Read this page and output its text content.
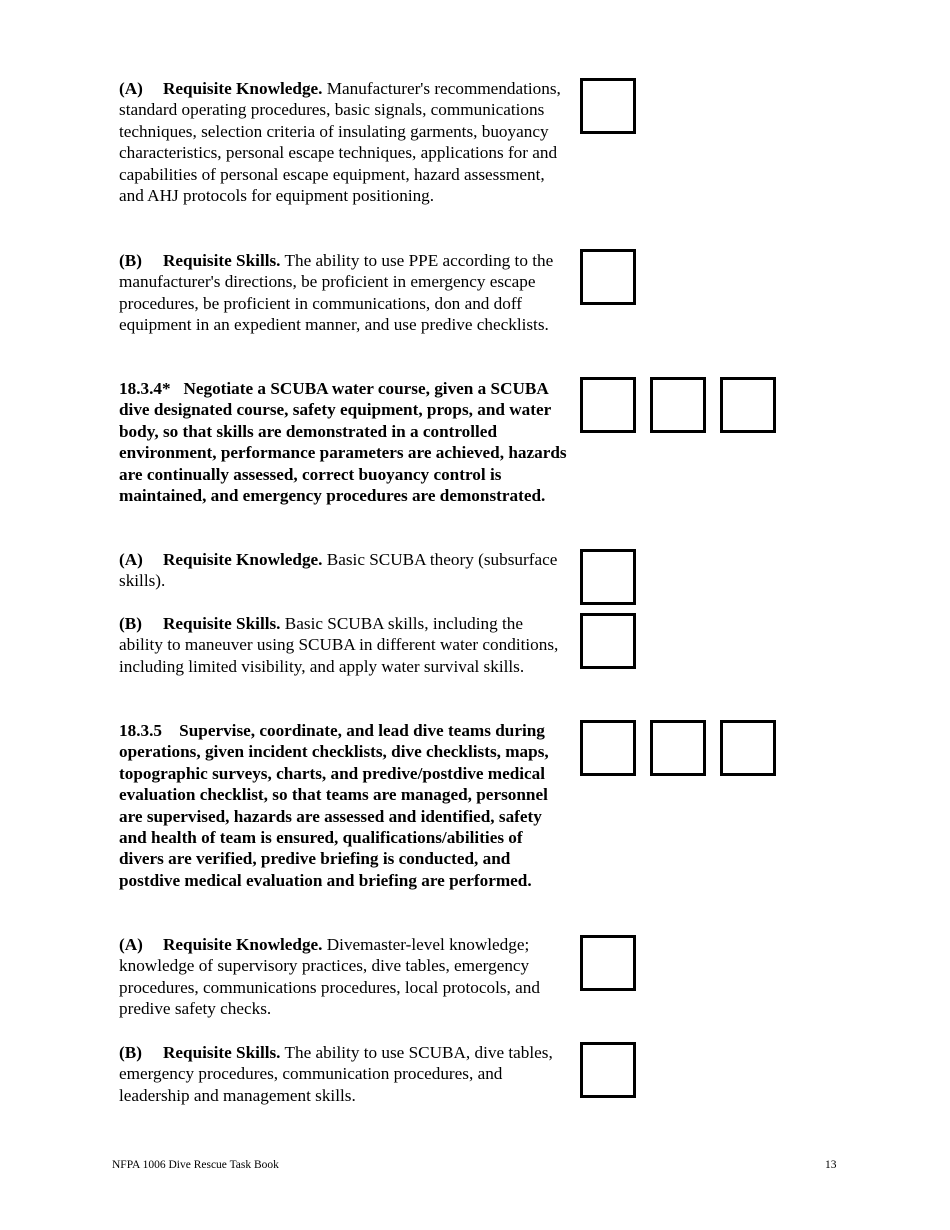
(A) Requisite Knowledge. Manufacturer's recommendations, standard operating procedures, basic signals, communications techniques, selection criteria of insulating garments, buoyancy characteristics, personal escape techniques, applications for and capabilities of personal escape equipment, hazard assessment, and AHJ protocols for equipment positioning.

(B) Requisite Skills. The ability to use PPE according to the manufacturer's directions, be proficient in emergency escape procedures, be proficient in communications, don and doff equipment in an expedient manner, and use predive checklists.

18.3.4* Negotiate a SCUBA water course, given a SCUBA dive designated course, safety equipment, props, and water body, so that skills are demonstrated in a controlled environment, performance parameters are achieved, hazards are continually assessed, correct buoyancy control is maintained, and emergency procedures are demonstrated.

(A) Requisite Knowledge. Basic SCUBA theory (subsurface skills).

(B) Requisite Skills. Basic SCUBA skills, including the ability to maneuver using SCUBA in different water conditions, including limited visibility, and apply water survival skills.

18.3.5 Supervise, coordinate, and lead dive teams during operations, given incident checklists, dive checklists, maps, topographic surveys, charts, and predive/postdive medical evaluation checklist, so that teams are managed, personnel are supervised, hazards are assessed and identified, safety and health of team is ensured, qualifications/abilities of divers are verified, predive briefing is conducted, and postdive medical evaluation and briefing are performed.

(A) Requisite Knowledge. Divemaster-level knowledge; knowledge of supervisory practices, dive tables, emergency procedures, communications procedures, local protocols, and predive safety checks.

(B) Requisite Skills. The ability to use SCUBA, dive tables, emergency procedures, communication procedures, and leadership and management skills.

NFPA 1006 Dive Rescue Task Book	13
